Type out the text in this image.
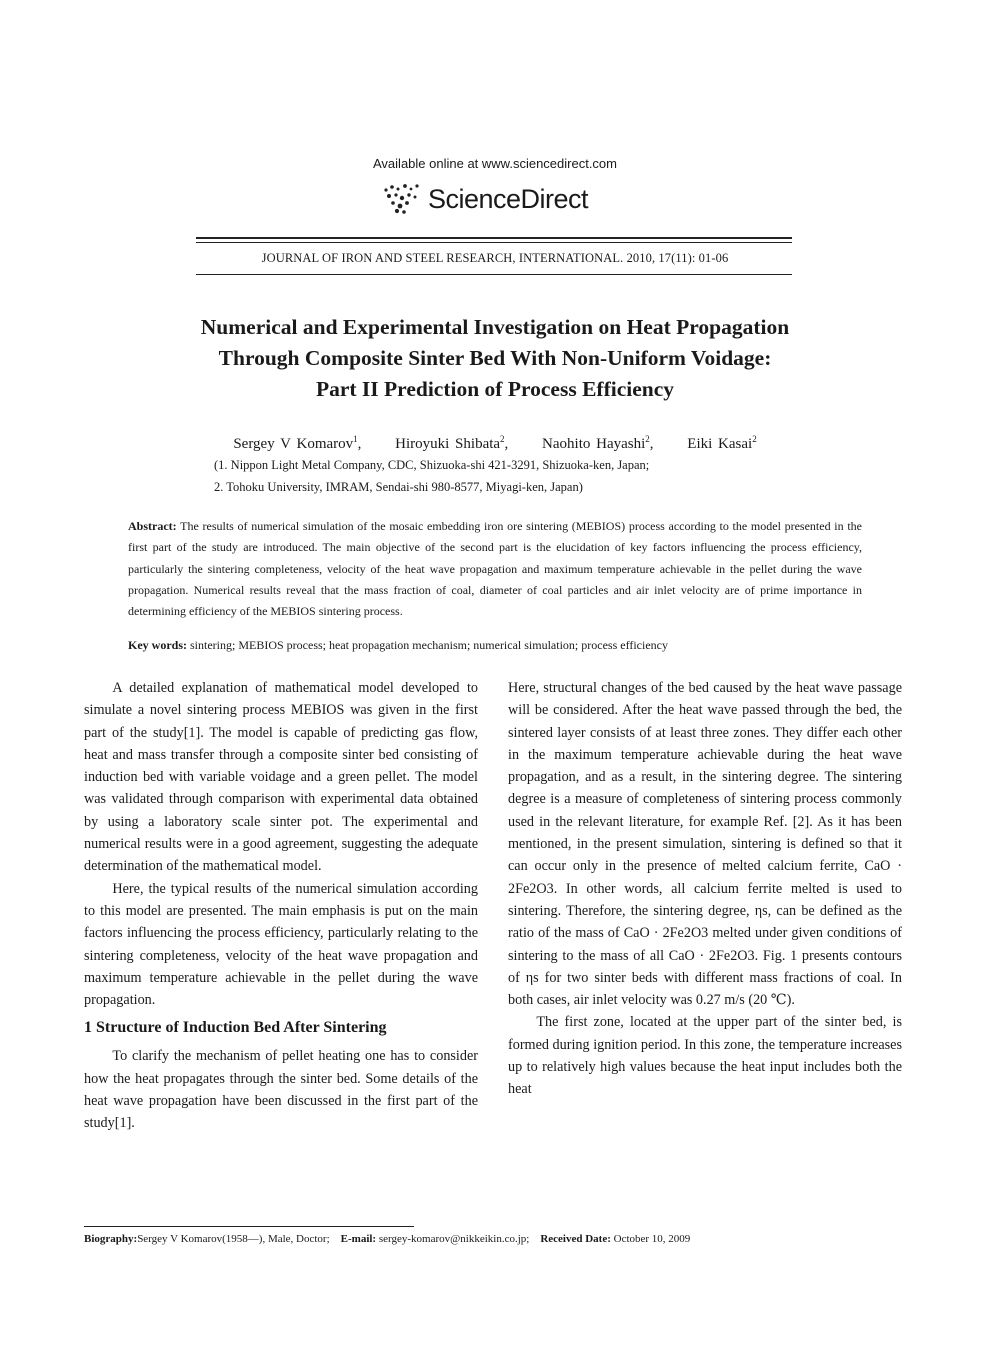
Available online at www.sciencedirect.com
ScienceDirect
JOURNAL OF IRON AND STEEL RESEARCH, INTERNATIONAL. 2010, 17(11): 01-06
Numerical and Experimental Investigation on Heat Propagation
Through Composite Sinter Bed With Non-Uniform Voidage:
Part II Prediction of Process Efficiency
Sergey V Komarov$^1$, Hiroyuki Shibata$^2$, Naohito Hayashi$^2$, Eiki Kasai$^2$
(1. Nippon Light Metal Company, CDC, Shizuoka-shi 421-3291, Shizuoka-ken, Japan;
2. Tohoku University, IMRAM, Sendai-shi 980-8577, Miyagi-ken, Japan)
Abstract: The results of numerical simulation of the mosaic embedding iron ore sintering (MEBIOS) process according to the model presented in the first part of the study are introduced. The main objective of the second part is the elucidation of key factors influencing the process efficiency, particularly the sintering completeness, velocity of the heat wave propagation and maximum temperature achievable in the pellet during the wave propagation. Numerical results reveal that the mass fraction of coal, diameter of coal particles and air inlet velocity are of prime importance in determining efficiency of the MEBIOS sintering process.
Key words: sintering; MEBIOS process; heat propagation mechanism; numerical simulation; process efficiency

A detailed explanation of mathematical model developed to simulate a novel sintering process MEBIOS was given in the first part of the study[1]. The model is capable of predicting gas flow, heat and mass transfer through a composite sinter bed consisting of induction bed with variable voidage and a green pellet. The model was validated through comparison with experimental data obtained by using a laboratory scale sinter pot. The experimental and numerical results were in a good agreement, suggesting the adequate determination of the mathematical model.

Here, the typical results of the numerical simulation according to this model are presented. The main emphasis is put on the main factors influencing the process efficiency, particularly relating to the sintering completeness, velocity of the heat wave propagation and maximum temperature achievable in the pellet during the wave propagation.

1 Structure of Induction Bed After Sintering

To clarify the mechanism of pellet heating one has to consider how the heat propagates through the sinter bed. Some details of the heat wave propagation have been discussed in the first part of the study[1].

Here, structural changes of the bed caused by the heat wave passage will be considered. After the heat wave passed through the bed, the sintered layer consists of at least three zones. They differ each other in the maximum temperature achievable during the heat wave propagation, and as a result, in the sintering degree. The sintering degree is a measure of completeness of sintering process commonly used in the relevant literature, for example Ref. [2]. As it has been mentioned, in the present simulation, sintering is defined so that it can occur only in the presence of melted calcium ferrite, CaO · 2Fe2O3. In other words, all calcium ferrite melted is used to sintering. Therefore, the sintering degree, ηs, can be defined as the ratio of the mass of CaO · 2Fe2O3 melted under given conditions of sintering to the mass of all CaO · 2Fe2O3. Fig. 1 presents contours of ηs for two sinter beds with different mass fractions of coal. In both cases, air inlet velocity was 0.27 m/s (20 ℃).

The first zone, located at the upper part of the sinter bed, is formed during ignition period. In this zone, the temperature increases up to relatively high values because the heat input includes both the heat

Biography:Sergey V Komarov(1958—), Male, Doctor; E-mail: sergey-komarov@nikkeikin.co.jp; Received Date: October 10, 2009
